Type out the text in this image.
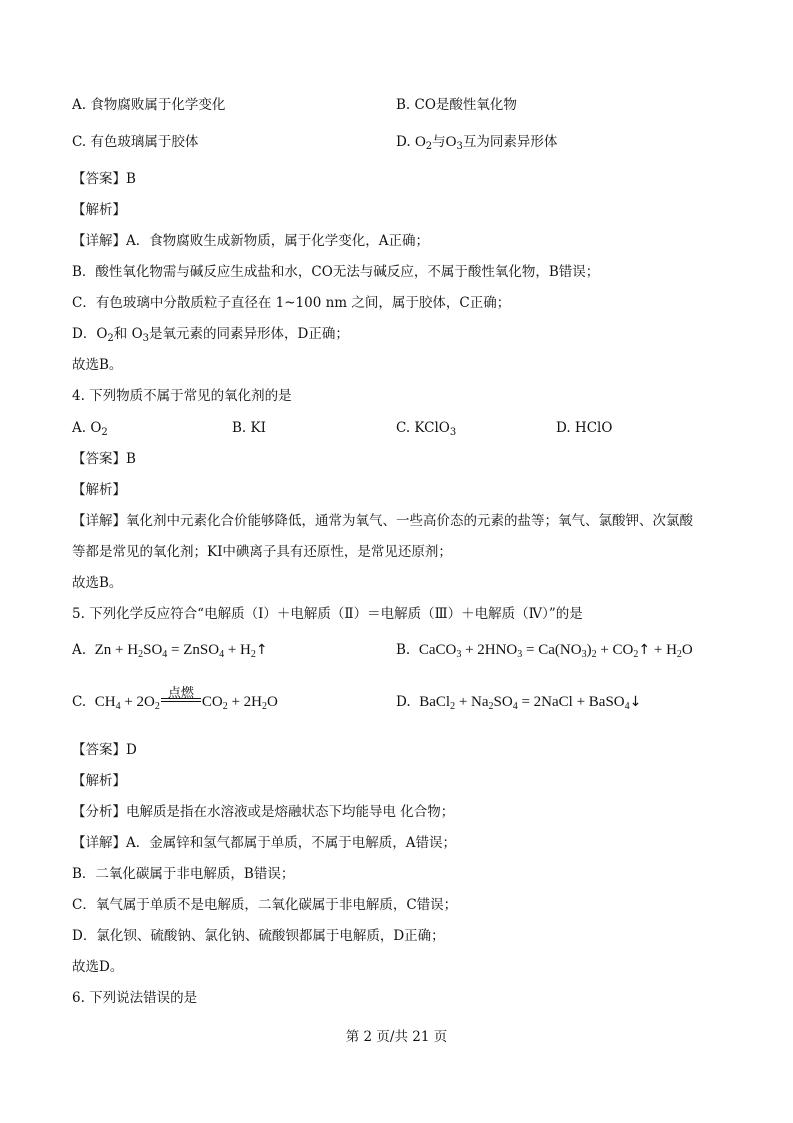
A. 食物腐败属于化学变化	B. CO是酸性氧化物
C. 有色玻璃属于胶体	D. $O_2$与$O_3$互为同素异形体
【答案】B
【解析】
【详解】A．食物腐败生成新物质，属于化学变化，A正确；
B．酸性氧化物需与碱反应生成盐和水，CO无法与碱反应，不属于酸性氧化物，B错误；
C．有色玻璃中分散质粒子直径在 1~100 nm 之间，属于胶体，C正确；
D．$O_2$和 $O_3$是氧元素的同素异形体，D正确；
故选B。
4. 下列物质不属于常见的氧化剂的是
A. $O_2$	B. KI	C. KClO$_3$	D. HClO
【答案】B
【解析】
【详解】氧化剂中元素化合价能够降低，通常为氧气、一些高价态的元素的盐等；氧气、氯酸钾、次氯酸
等都是常见的氧化剂；KI中碘离子具有还原性，是常见还原剂；
故选B。
5. 下列化学反应符合“电解质（Ⅰ）＋电解质（Ⅱ）＝电解质（Ⅲ）＋电解质（Ⅳ）”的是
A. $Zn + H_2SO_4$ = ZnSO$_4$ + $H_2↑$	B. CaCO$_3$ + $2HNO_3 = Ca(NO_3)_2$ + $CO_2↑ + H_2O$
C. $CH_4 + 2O_2$
点燃
$CO_2 + 2H_2O$	D. BaCl$_2$ + $Na_2SO_4$ = 2NaCl + BaSO$_4$↓
【答案】D
【解析】
【分析】电解质是指在水溶液或是熔融状态下均能导电 化合物；
【详解】A．金属锌和氢气都属于单质，不属于电解质，A错误；
B．二氧化碳属于非电解质，B错误；
C．氧气属于单质不是电解质，二氧化碳属于非电解质，C错误；
D．氯化钡、硫酸钠、氯化钠、硫酸钡都属于电解质，D正确；
故选D。
6. 下列说法错误的是
第 2 页/共 21 页
